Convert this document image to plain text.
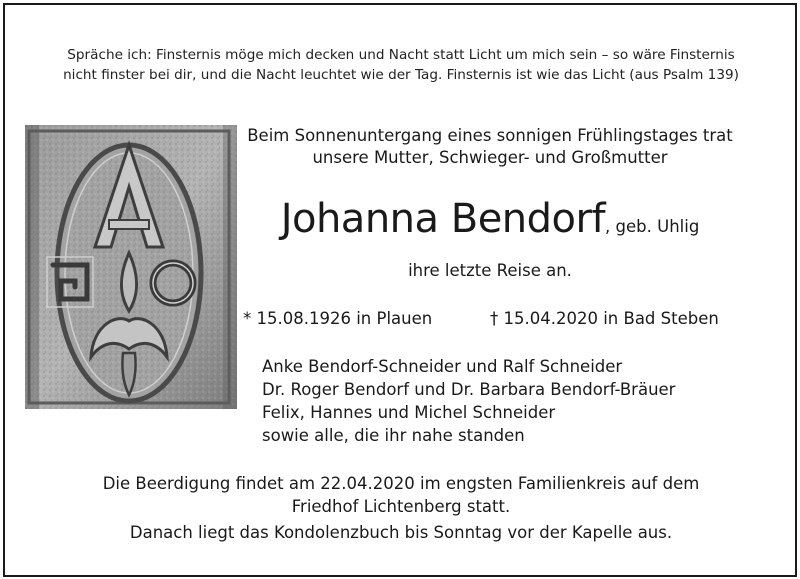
Spräche ich: Finsternis möge mich decken und Nacht statt Licht um mich sein – so wäre Finsternis
nicht finster bei dir, und die Nacht leuchtet wie der Tag. Finsternis ist wie das Licht (aus Psalm 139)
Beim Sonnenuntergang eines sonnigen Frühlingstages trat
unsere Mutter, Schwieger- und Großmutter
Johanna Bendorf, geb. Uhlig
ihre letzte Reise an.
* 15.08.1926 in Plauen	† 15.04.2020 in Bad Steben
Anke Bendorf-Schneider und Ralf Schneider
Dr. Roger Bendorf und Dr. Barbara Bendorf-Bräuer
Felix, Hannes und Michel Schneider
sowie alle, die ihr nahe standen
Die Beerdigung findet am 22.04.2020 im engsten Familienkreis auf dem
Friedhof Lichtenberg statt.
Danach liegt das Kondolenzbuch bis Sonntag vor der Kapelle aus.
